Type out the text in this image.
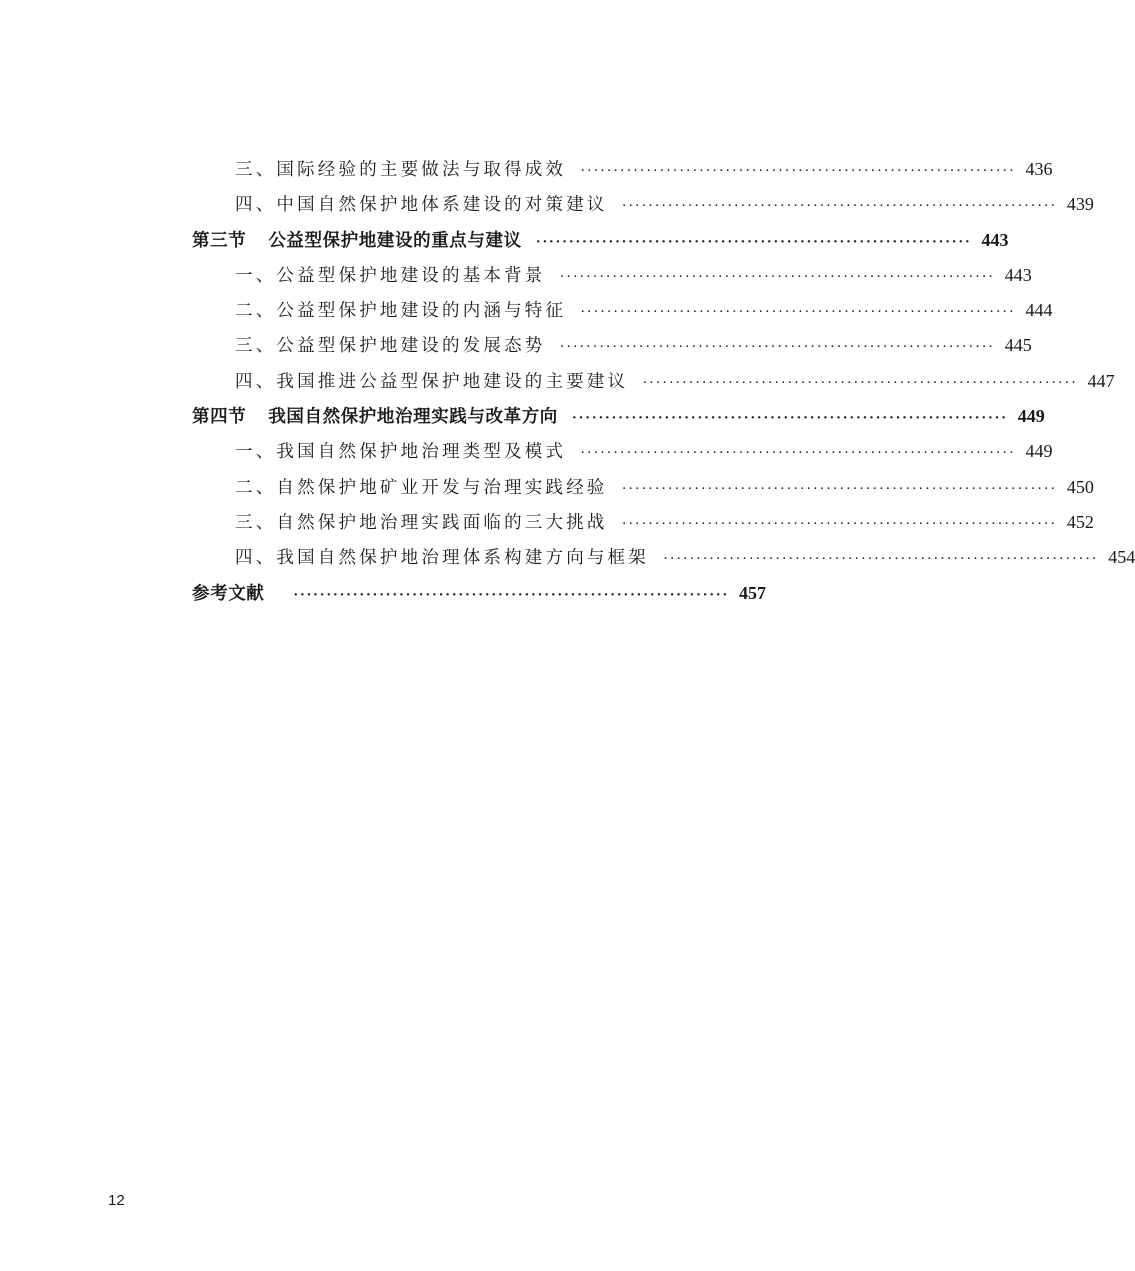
三、国际经验的主要做法与取得成效 ·································································· 436
四、中国自然保护地体系建设的对策建议 ·································································· 439
第三节 公益型保护地建设的重点与建议 ·································································· 443
一、公益型保护地建设的基本背景 ·································································· 443
二、公益型保护地建设的内涵与特征 ·································································· 444
三、公益型保护地建设的发展态势 ·································································· 445
四、我国推进公益型保护地建设的主要建议 ·································································· 447
第四节 我国自然保护地治理实践与改革方向 ·································································· 449
一、我国自然保护地治理类型及模式 ·································································· 449
二、自然保护地矿业开发与治理实践经验 ·································································· 450
三、自然保护地治理实践面临的三大挑战 ·································································· 452
四、我国自然保护地治理体系构建方向与框架 ·································································· 454
参考文献	·································································· 457
12
